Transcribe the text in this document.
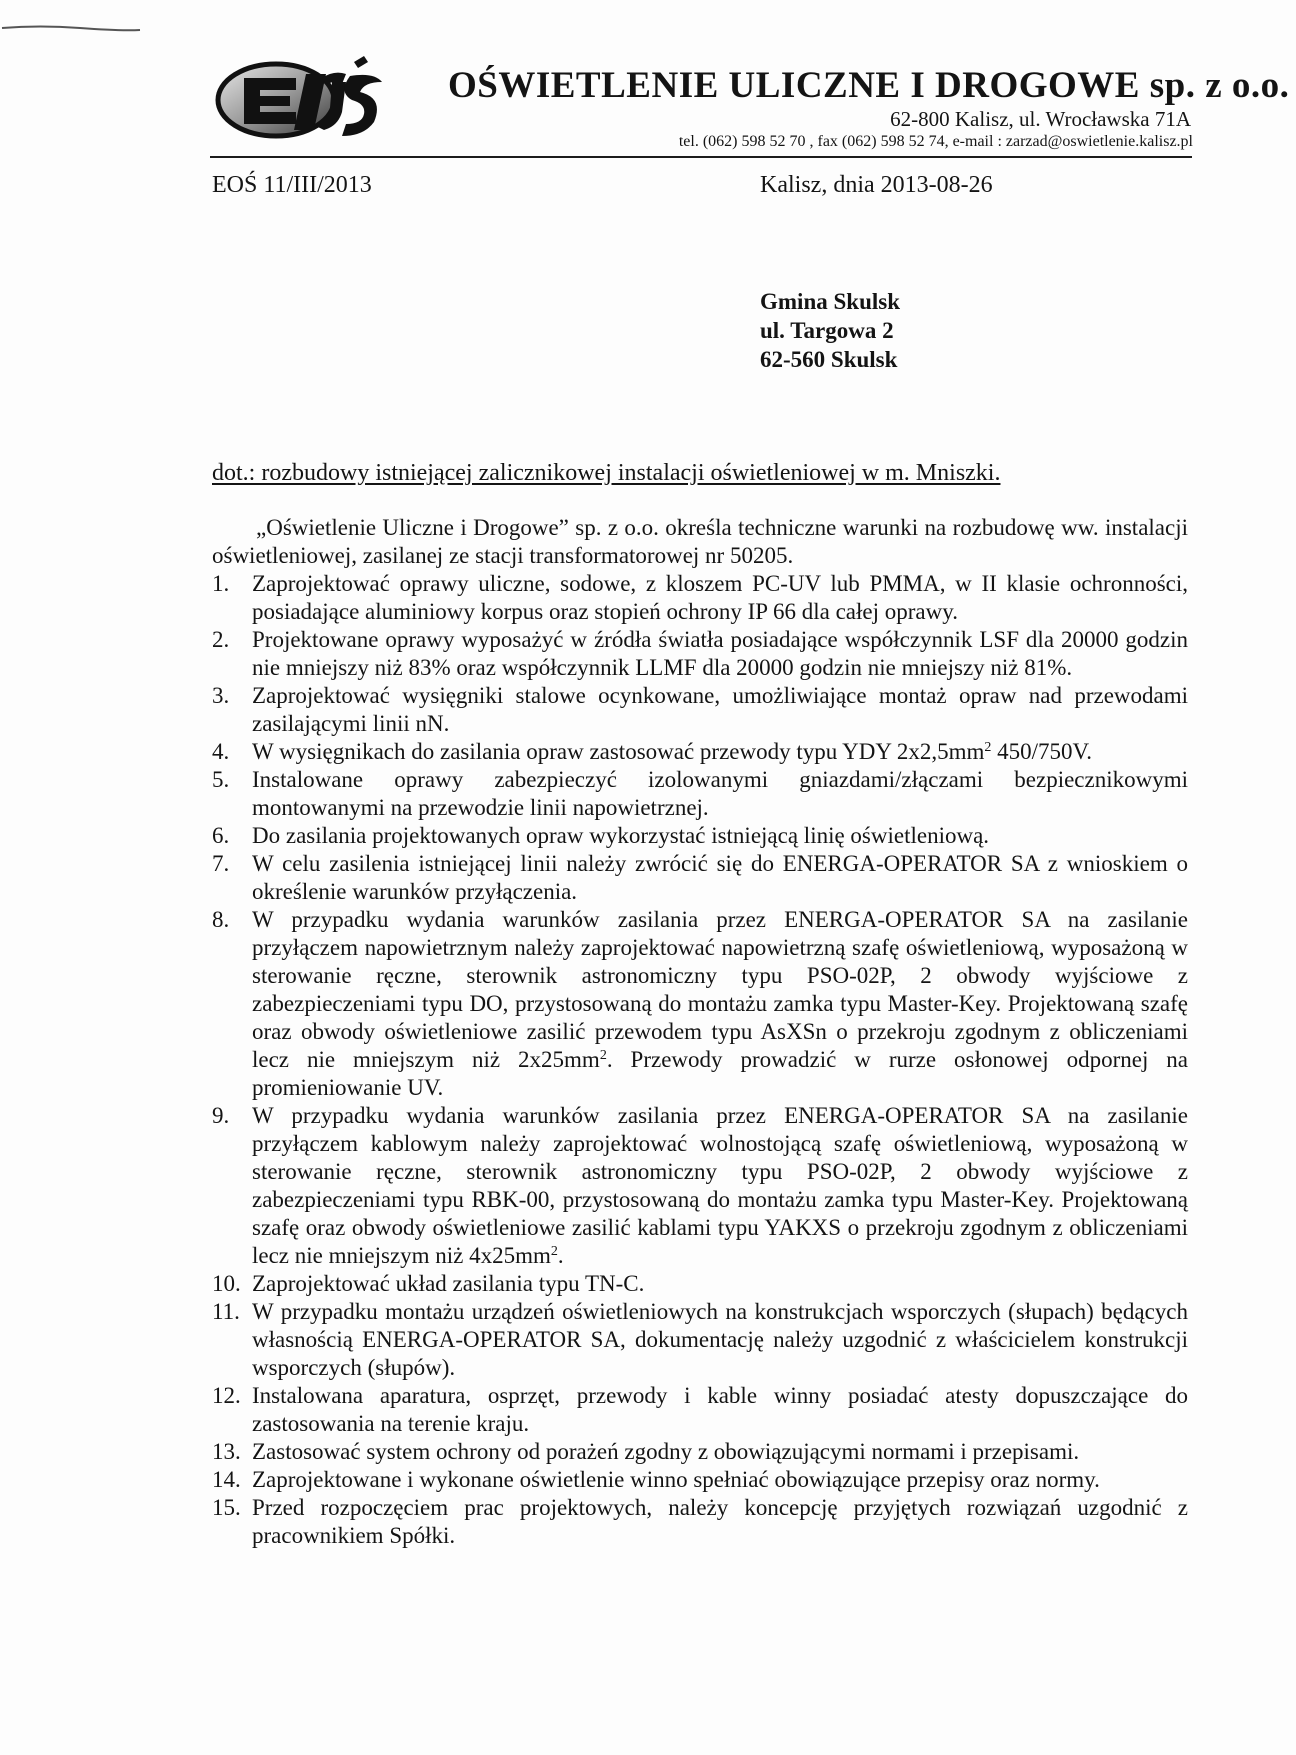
OŚWIETLENIE ULICZNE I DROGOWE sp. z o.o.
62-800 Kalisz, ul. Wrocławska 71A
tel. (062) 598 52 70 , fax (062) 598 52 74, e-mail : zarzad@oswietlenie.kalisz.pl
EOŚ 11/III/2013	Kalisz, dnia 2013-08-26
Gmina Skulsk
ul. Targowa 2
62-560 Skulsk
dot.: rozbudowy istniejącej zalicznikowej instalacji oświetleniowej w m. Mniszki.

„Oświetlenie Uliczne i Drogowe” sp. z o.o. określa techniczne warunki na rozbudowę ww. instalacji oświetleniowej, zasilanej ze stacji transformatorowej nr 50205.

1. Zaprojektować oprawy uliczne, sodowe, z kloszem PC-UV lub PMMA, w II klasie ochronności, posiadające aluminiowy korpus oraz stopień ochrony IP 66 dla całej oprawy.
2. Projektowane oprawy wyposażyć w źródła światła posiadające współczynnik LSF dla 20000 godzin nie mniejszy niż 83% oraz współczynnik LLMF dla 20000 godzin nie mniejszy niż 81%.
3. Zaprojektować wysięgniki stalowe ocynkowane, umożliwiające montaż opraw nad przewodami zasilającymi linii nN.
4. W wysięgnikach do zasilania opraw zastosować przewody typu YDY $2x2,5mm^2$ 450/750V.
5. Instalowane oprawy zabezpieczyć izolowanymi gniazdami/złączami bezpiecznikowymi montowanymi na przewodzie linii napowietrznej.
6. Do zasilania projektowanych opraw wykorzystać istniejącą linię oświetleniową.
7. W celu zasilenia istniejącej linii należy zwrócić się do ENERGA-OPERATOR SA z wnioskiem o określenie warunków przyłączenia.
8. W przypadku wydania warunków zasilania przez ENERGA-OPERATOR SA na zasilanie przyłączem napowietrznym należy zaprojektować napowietrzną szafę oświetleniową, wyposażoną w sterowanie ręczne, sterownik astronomiczny typu PSO-02P, 2 obwody wyjściowe z zabezpieczeniami typu DO, przystosowaną do montażu zamka typu Master-Key. Projektowaną szafę oraz obwody oświetleniowe zasilić przewodem typu AsXSn o przekroju zgodnym z obliczeniami lecz nie mniejszym niż $2x25mm^2$. Przewody prowadzić w rurze osłonowej odpornej na promieniowanie UV.
9. W przypadku wydania warunków zasilania przez ENERGA-OPERATOR SA na zasilanie przyłączem kablowym należy zaprojektować wolnostojącą szafę oświetleniową, wyposażoną w sterowanie ręczne, sterownik astronomiczny typu PSO-02P, 2 obwody wyjściowe z zabezpieczeniami typu RBK-00, przystosowaną do montażu zamka typu Master-Key. Projektowaną szafę oraz obwody oświetleniowe zasilić kablami typu YAKXS o przekroju zgodnym z obliczeniami lecz nie mniejszym niż $4x25mm^2$.
10. Zaprojektować układ zasilania typu TN-C.
11. W przypadku montażu urządzeń oświetleniowych na konstrukcjach wsporczych (słupach) będących własnością ENERGA-OPERATOR SA, dokumentację należy uzgodnić z właścicielem konstrukcji wsporczych (słupów).
12. Instalowana aparatura, osprzęt, przewody i kable winny posiadać atesty dopuszczające do zastosowania na terenie kraju.
13. Zastosować system ochrony od porażeń zgodny z obowiązującymi normami i przepisami.
14. Zaprojektowane i wykonane oświetlenie winno spełniać obowiązujące przepisy oraz normy.
15. Przed rozpoczęciem prac projektowych, należy koncepcję przyjętych rozwiązań uzgodnić z pracownikiem Spółki.
